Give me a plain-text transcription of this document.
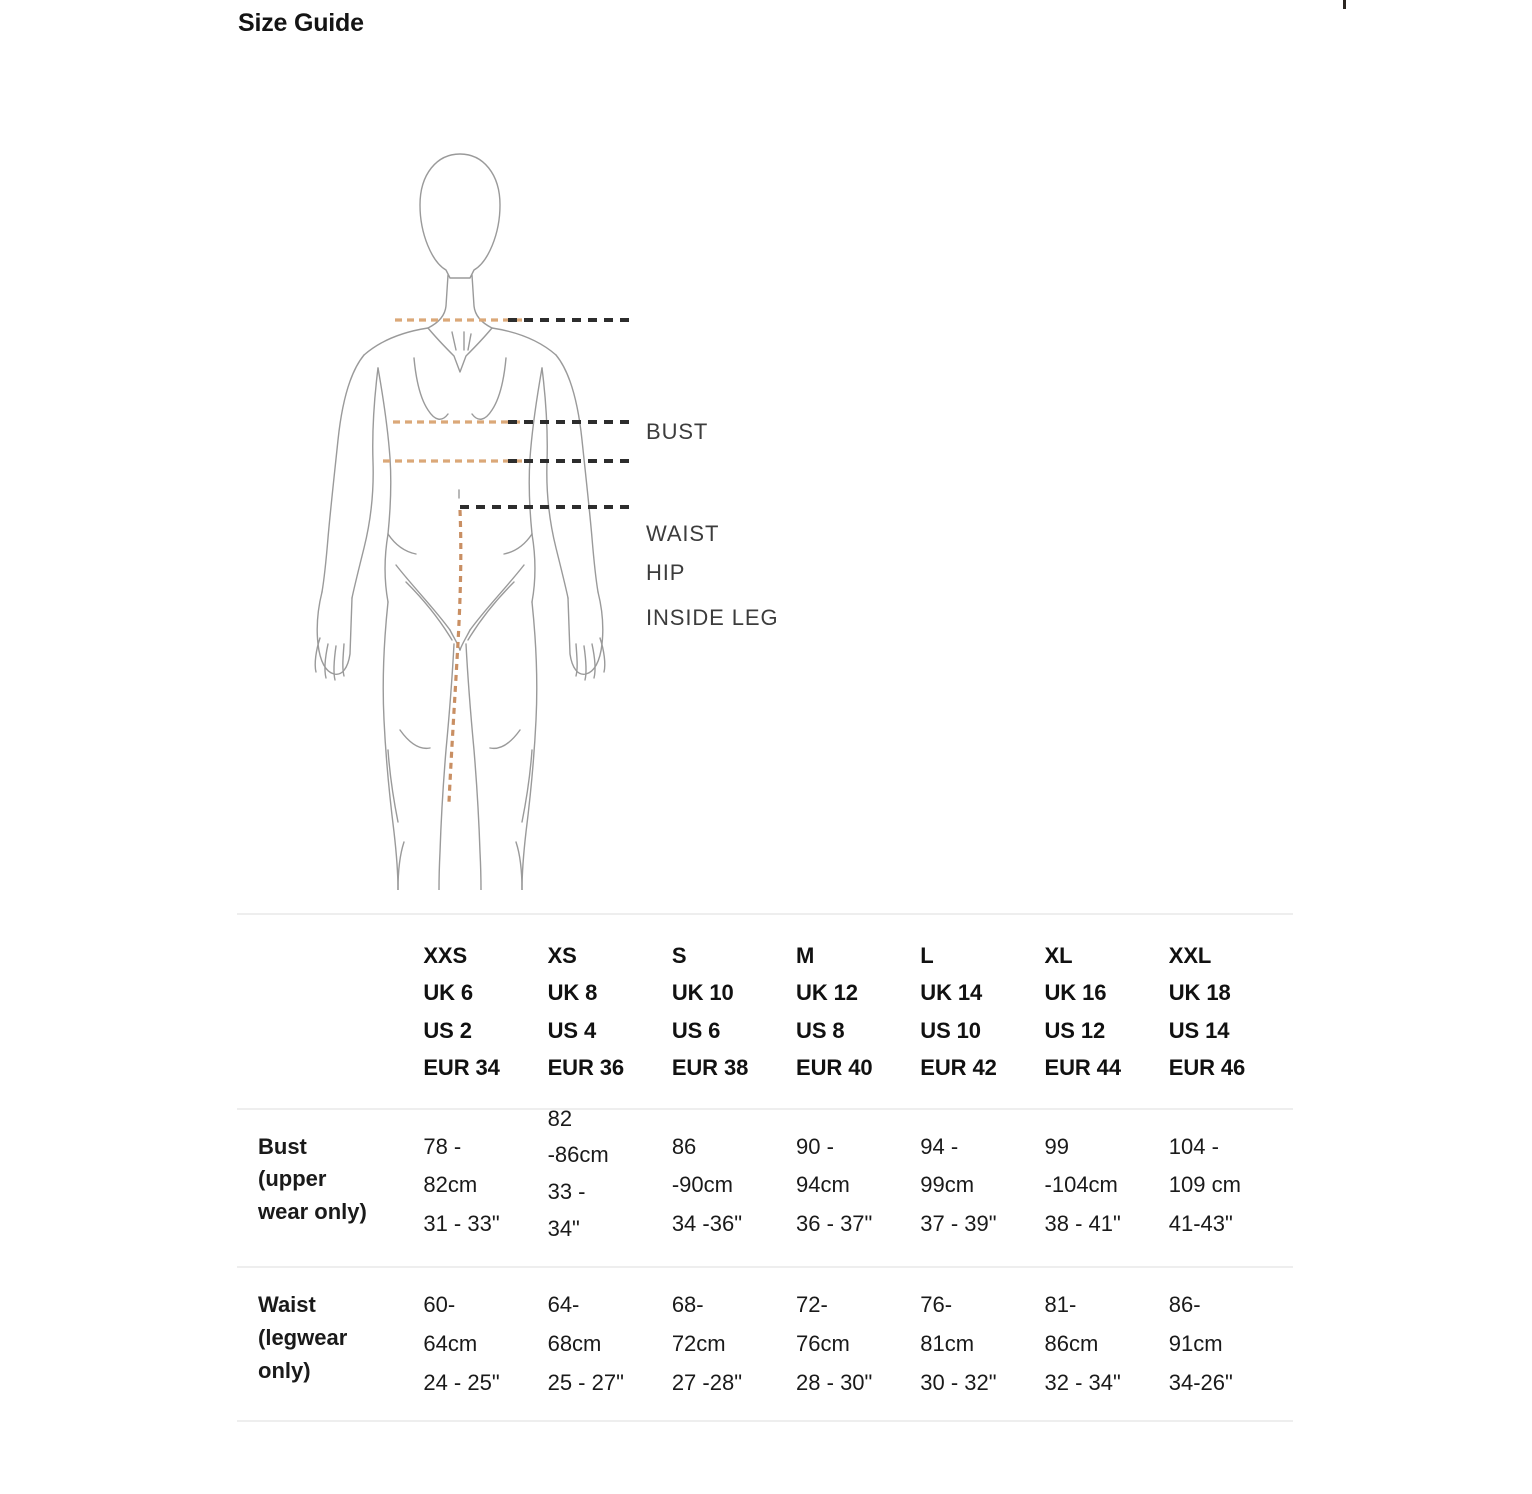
Size Guide
BUST
WAIST
HIP
INSIDE LEG

	XXS
UK 6
US 2
EUR 34	XS
UK 8
US 4
EUR 36	S
UK 10
US 6
EUR 38	M
UK 12
US 8
EUR 40	L
UK 14
US 10
EUR 42	XL
UK 16
US 12
EUR 44	XXL
UK 18
US 14
EUR 46

Bust
(upper
wear only)	78 -
82cm
31 - 33"	82
-86cm
33 -
34"	86
-90cm
34 -36"	90 -
94cm
36 - 37"	94 -
99cm
37 - 39"	99
-104cm
38 - 41"	104 -
109 cm
41-43"

Waist
(legwear
only)	60-
64cm
24 - 25"	64-
68cm
25 - 27"	68-
72cm
27 -28"	72-
76cm
28 - 30"	76-
81cm
30 - 32"	81-
86cm
32 - 34"	86-
91cm
34-26"
